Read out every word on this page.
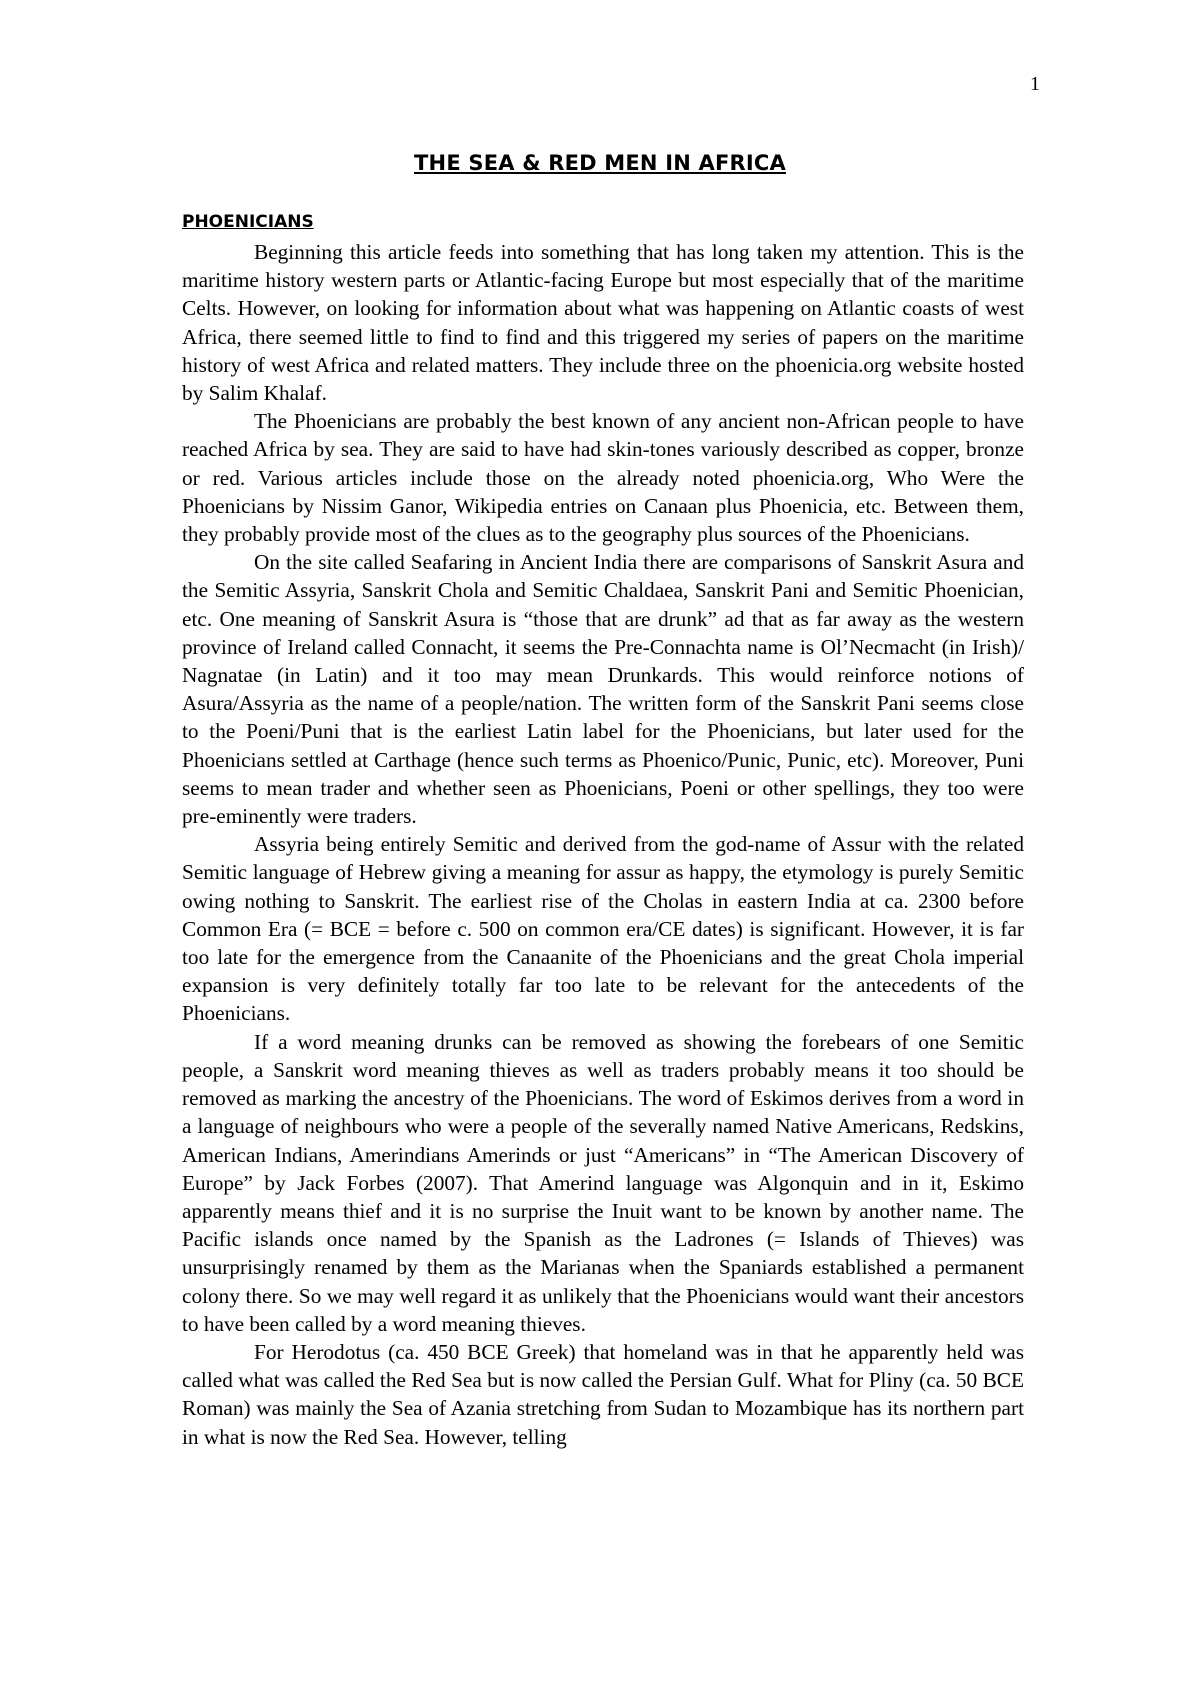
1
THE SEA & RED MEN IN AFRICA
PHOENICIANS

Beginning this article feeds into something that has long taken my attention. This is the maritime history western parts or Atlantic-facing Europe but most especially that of the maritime Celts. However, on looking for information about what was happening on Atlantic coasts of west Africa, there seemed little to find to find and this triggered my series of papers on the maritime history of west Africa and related matters. They include three on the phoenicia.org website hosted by Salim Khalaf.

The Phoenicians are probably the best known of any ancient non-African people to have reached Africa by sea. They are said to have had skin-tones variously described as copper, bronze or red. Various articles include those on the already noted phoenicia.org, Who Were the Phoenicians by Nissim Ganor, Wikipedia entries on Canaan plus Phoenicia, etc. Between them, they probably provide most of the clues as to the geography plus sources of the Phoenicians.

On the site called Seafaring in Ancient India there are comparisons of Sanskrit Asura and the Semitic Assyria, Sanskrit Chola and Semitic Chaldaea, Sanskrit Pani and Semitic Phoenician, etc. One meaning of Sanskrit Asura is “those that are drunk” ad that as far away as the western province of Ireland called Connacht, it seems the Pre-Connachta name is Ol’Necmacht (in Irish)/ Nagnatae (in Latin) and it too may mean Drunkards. This would reinforce notions of Asura/Assyria as the name of a people/nation. The written form of the Sanskrit Pani seems close to the Poeni/Puni that is the earliest Latin label for the Phoenicians, but later used for the Phoenicians settled at Carthage (hence such terms as Phoenico/Punic, Punic, etc). Moreover, Puni seems to mean trader and whether seen as Phoenicians, Poeni or other spellings, they too were pre-eminently were traders.

Assyria being entirely Semitic and derived from the god-name of Assur with the related Semitic language of Hebrew giving a meaning for assur as happy, the etymology is purely Semitic owing nothing to Sanskrit. The earliest rise of the Cholas in eastern India at ca. 2300 before Common Era (= BCE = before c. 500 on common era/CE dates) is significant. However, it is far too late for the emergence from the Canaanite of the Phoenicians and the great Chola imperial expansion is very definitely totally far too late to be relevant for the antecedents of the Phoenicians.

If a word meaning drunks can be removed as showing the forebears of one Semitic people, a Sanskrit word meaning thieves as well as traders probably means it too should be removed as marking the ancestry of the Phoenicians. The word of Eskimos derives from a word in a language of neighbours who were a people of the severally named Native Americans, Redskins, American Indians, Amerindians Amerinds or just “Americans” in “The American Discovery of Europe” by Jack Forbes (2007). That Amerind language was Algonquin and in it, Eskimo apparently means thief and it is no surprise the Inuit want to be known by another name. The Pacific islands once named by the Spanish as the Ladrones (= Islands of Thieves) was unsurprisingly renamed by them as the Marianas when the Spaniards established a permanent colony there. So we may well regard it as unlikely that the Phoenicians would want their ancestors to have been called by a word meaning thieves.

For Herodotus (ca. 450 BCE Greek) that homeland was in that he apparently held was called what was called the Red Sea but is now called the Persian Gulf. What for Pliny (ca. 50 BCE Roman) was mainly the Sea of Azania stretching from Sudan to Mozambique has its northern part in what is now the Red Sea. However, telling
